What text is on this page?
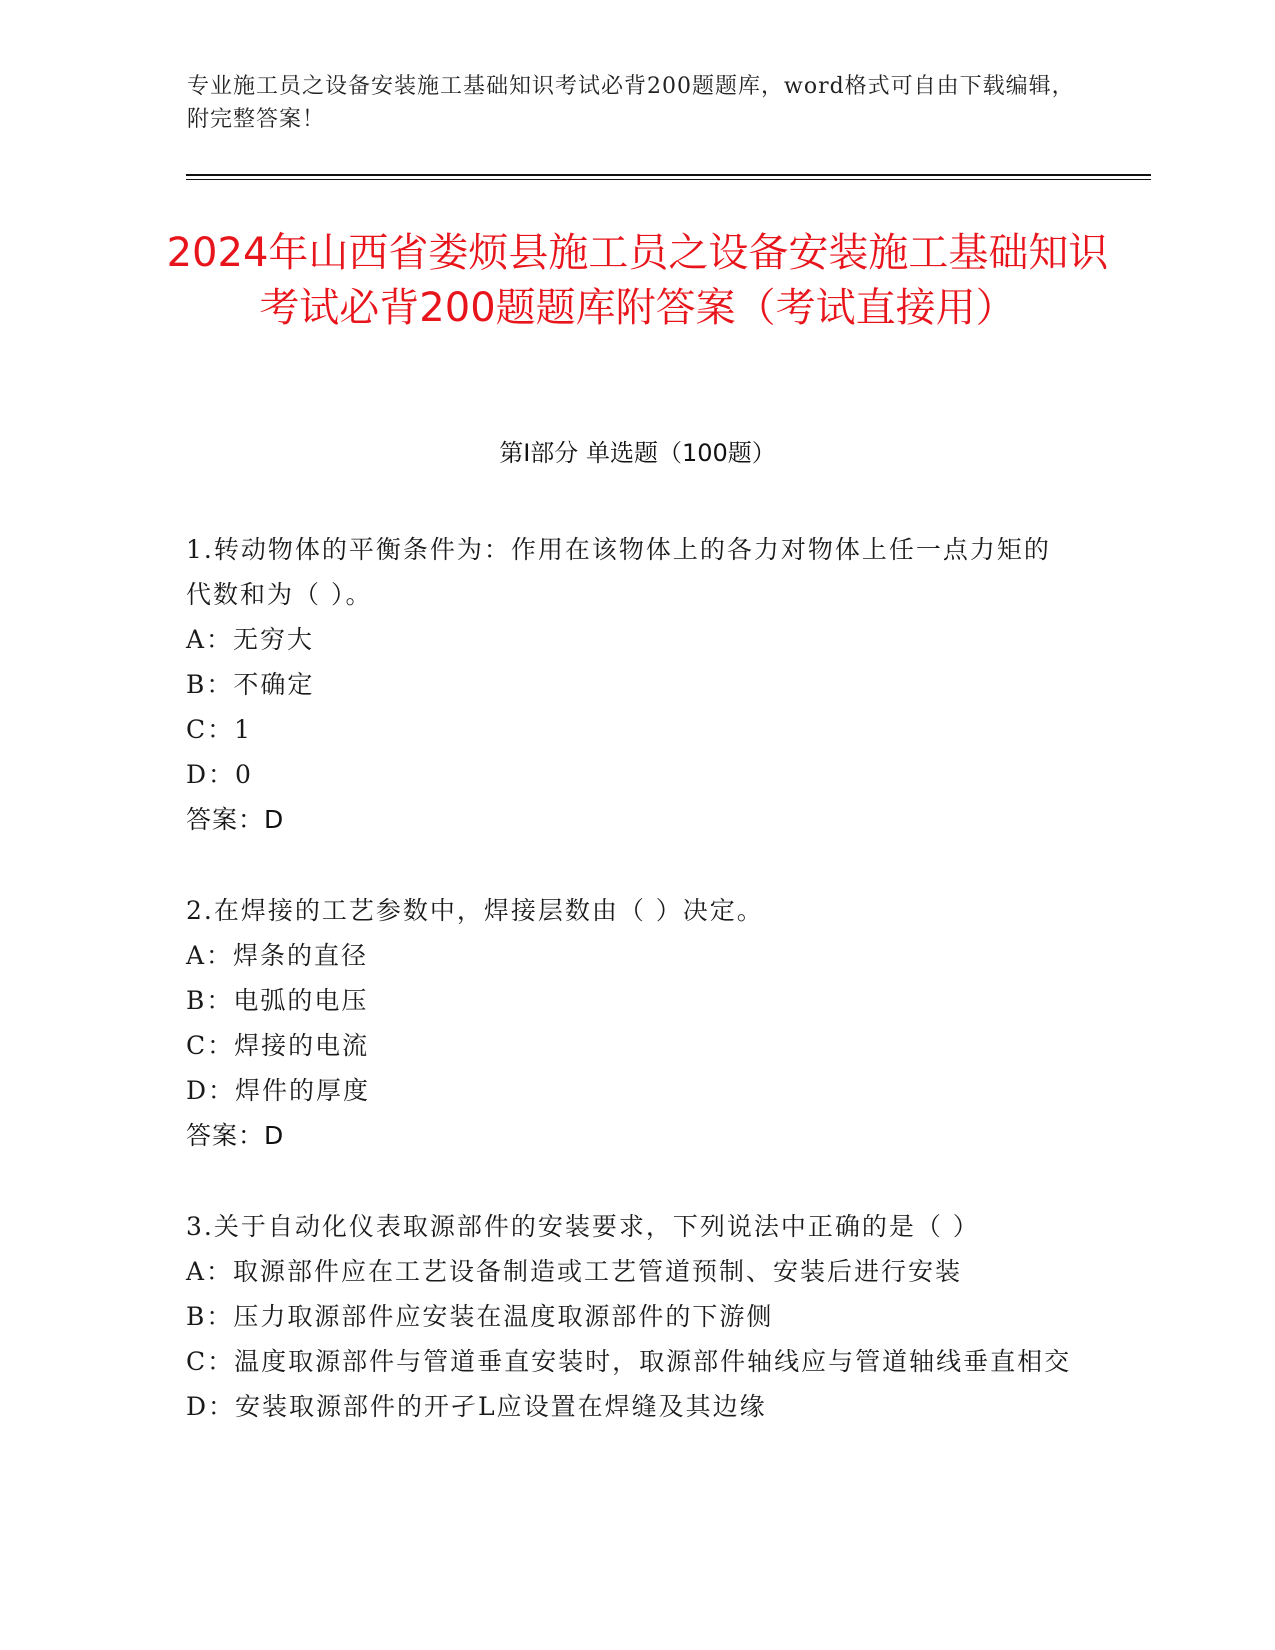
专业施工员之设备安装施工基础知识考试必背200题题库，word格式可自由下载编辑，附完整答案！
2024年山西省娄烦县施工员之设备安装施工基础知识考试必背200题题库附答案（考试直接用）
第I部分 单选题（100题）
1.转动物体的平衡条件为：作用在该物体上的各力对物体上任一点力矩的代数和为（ ）。
A：无穷大
B：不确定
C：1
D：0
答案：D
2.在焊接的工艺参数中，焊接层数由（ ）决定。
A：焊条的直径
B：电弧的电压
C：焊接的电流
D：焊件的厚度
答案：D
3.关于自动化仪表取源部件的安装要求，下列说法中正确的是（ ）
A：取源部件应在工艺设备制造或工艺管道预制、安装后进行安装
B：压力取源部件应安装在温度取源部件的下游侧
C：温度取源部件与管道垂直安装时，取源部件轴线应与管道轴线垂直相交
D：安装取源部件的开孑L应设置在焊缝及其边缘
